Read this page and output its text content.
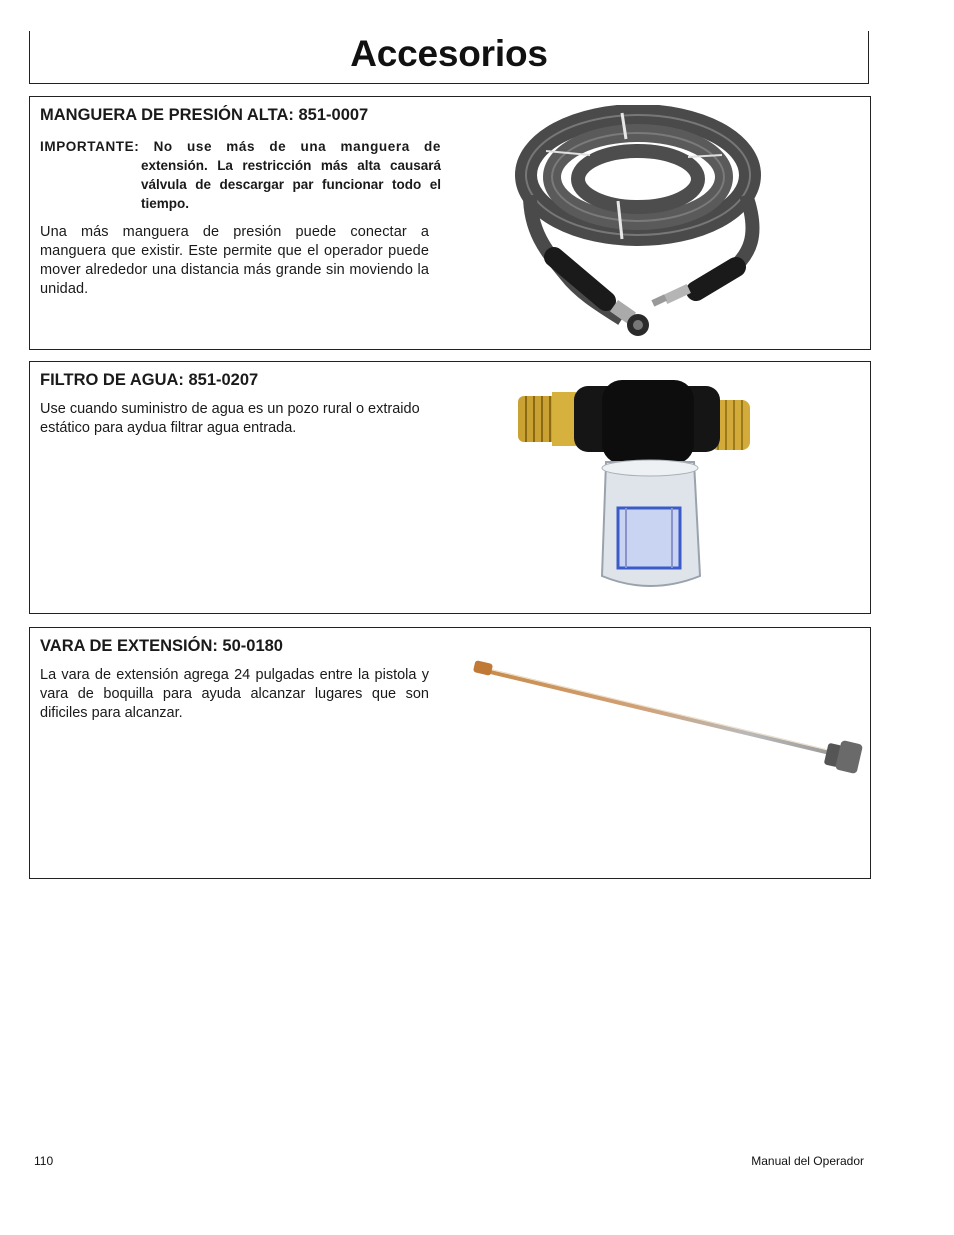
Accesorios
MANGUERA DE PRESIÓN ALTA: 851-0007
IMPORTANTE: No use más de una manguera de
extensión. La restricción más alta causará válvula de descargar par funcionar todo el tiempo.
Una más manguera de presión puede conectar a manguera que existir. Este permite que el operador puede mover alrededor una distancia más grande sin moviendo la unidad.
FILTRO DE AGUA: 851-0207
Use cuando suministro de agua es un pozo rural o extraido estático para aydua filtrar agua entrada.
VARA DE EXTENSIÓN: 50-0180
La vara de extensión agrega 24 pulgadas entre la pistola y vara de boquilla para ayuda alcanzar lugares que son dificiles para alcanzar.
110	Manual del Operador
